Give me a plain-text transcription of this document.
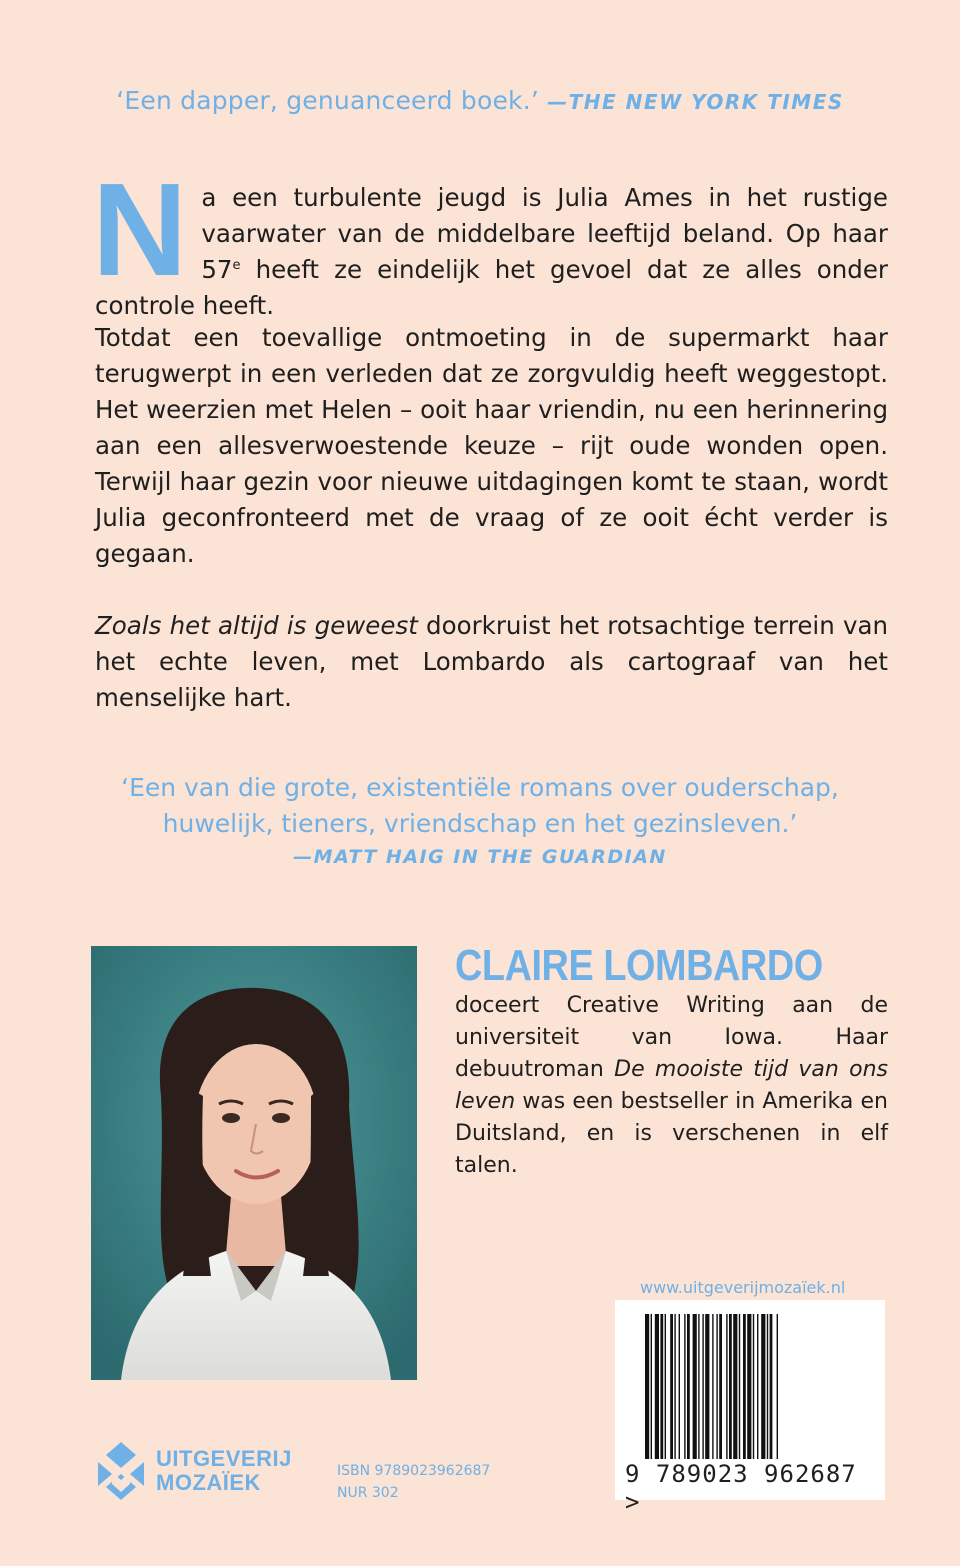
‘Een dapper, genuanceerd boek.’ —THE NEW YORK TIMES
Na een turbulente jeugd is Julia Ames in het rustige vaarwater van de middelbare leeftijd beland. Op haar 57e heeft ze eindelijk het gevoel dat ze alles onder controle heeft.
Totdat een toevallige ontmoeting in de supermarkt haar terugwerpt in een verleden dat ze zorgvuldig heeft weggestopt. Het weerzien met Helen – ooit haar vriendin, nu een herinnering aan een allesverwoestende keuze – rijt oude wonden open. Terwijl haar gezin voor nieuwe uitdagingen komt te staan, wordt Julia geconfronteerd met de vraag of ze ooit écht verder is gegaan.
Zoals het altijd is geweest doorkruist het rotsachtige terrein van het echte leven, met Lombardo als cartograaf van het menselijke hart.
‘Een van die grote, existentiële romans over ouderschap, huwelijk, tieners, vriendschap en het gezinsleven.’
—MATT HAIG IN THE GUARDIAN
CLAIRE LOMBARDO doceert Creative Writing aan de universiteit van Iowa. Haar debuutroman De mooiste tijd van ons leven was een bestseller in Amerika en Duitsland, en is verschenen in elf talen.
www.uitgeverijmozaïek.nl
9 789023 962687 >
UITGEVERIJ
MOZAÏEK	ISBN 9789023962687
NUR 302
